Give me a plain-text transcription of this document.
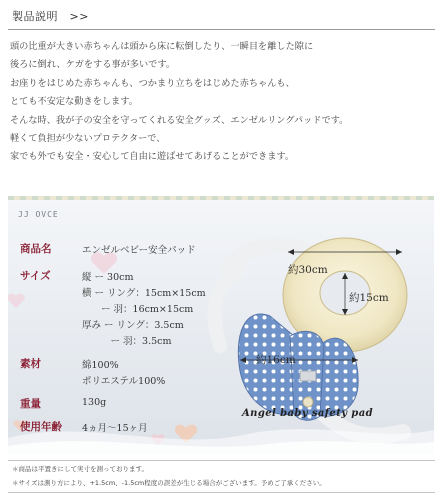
製品説明　>>

頭の比重が大きい赤ちゃんは頭から床に転倒したり、一瞬目を離した隙に

後ろに倒れ、ケガをする事が多いです。

お座りをはじめた赤ちゃんも、つかまり立ちをはじめた赤ちゃんも、

とても不安定な動きをします。

そんな時、我が子の安全を守ってくれる安全グッズ、エンゼルリングパッドです。

軽くて負担が少ないプロテクターで、

家でも外でも安全・安心して自由に遊ばせてあげることができます。

JJ OVCE
商品名	エンゼルベビー安全パッド
サイズ	縦 ー 30cm
横 ー リング：15cm×15cm
　　ー 羽：16cm×15cm
厚み ー リング：3.5cm
　　　ー 羽：3.5cm
素材	綿100%
ポリエステル100%
重量	130g
使用年齢 4ヵ月〜15ヶ月
約30cm
約15cm
約16cm
Angel baby safety pad

＊商品は平置きにして実寸を測っております。

＊サイズは測り方により、+1.5cm、-1.5cm程度の誤差が生じる場合がございます。予めご了承ください。
